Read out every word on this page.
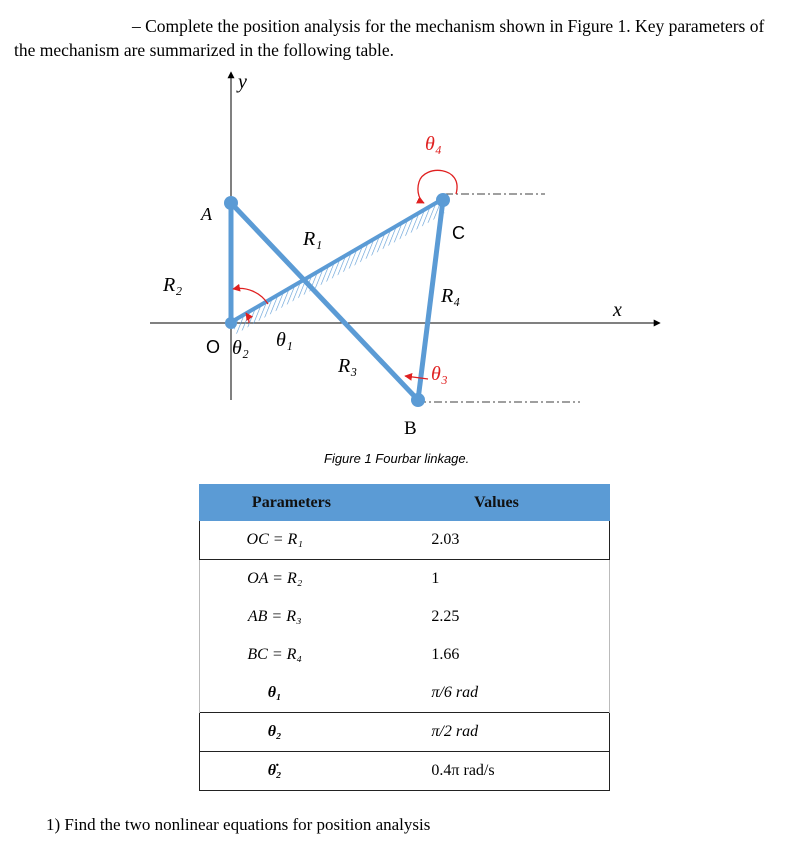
– Complete the position analysis for the mechanism shown in Figure 1. Key parameters of
the mechanism are summarized in the following table.
y
x
A
O
B
C
R₁
R₂
R₃
R₄
θ₁
θ₂
θ₃
θ₄
Figure 1 Fourbar linkage.
Parameters	Values
OC = R₁	2.03
OA = R₂	1
AB = R₃	2.25
BC = R₄	1.66
θ₁	π/6 rad
θ₂	π/2 rad
θ̇₂	0.4π rad/s
1) Find the two nonlinear equations for position analysis
